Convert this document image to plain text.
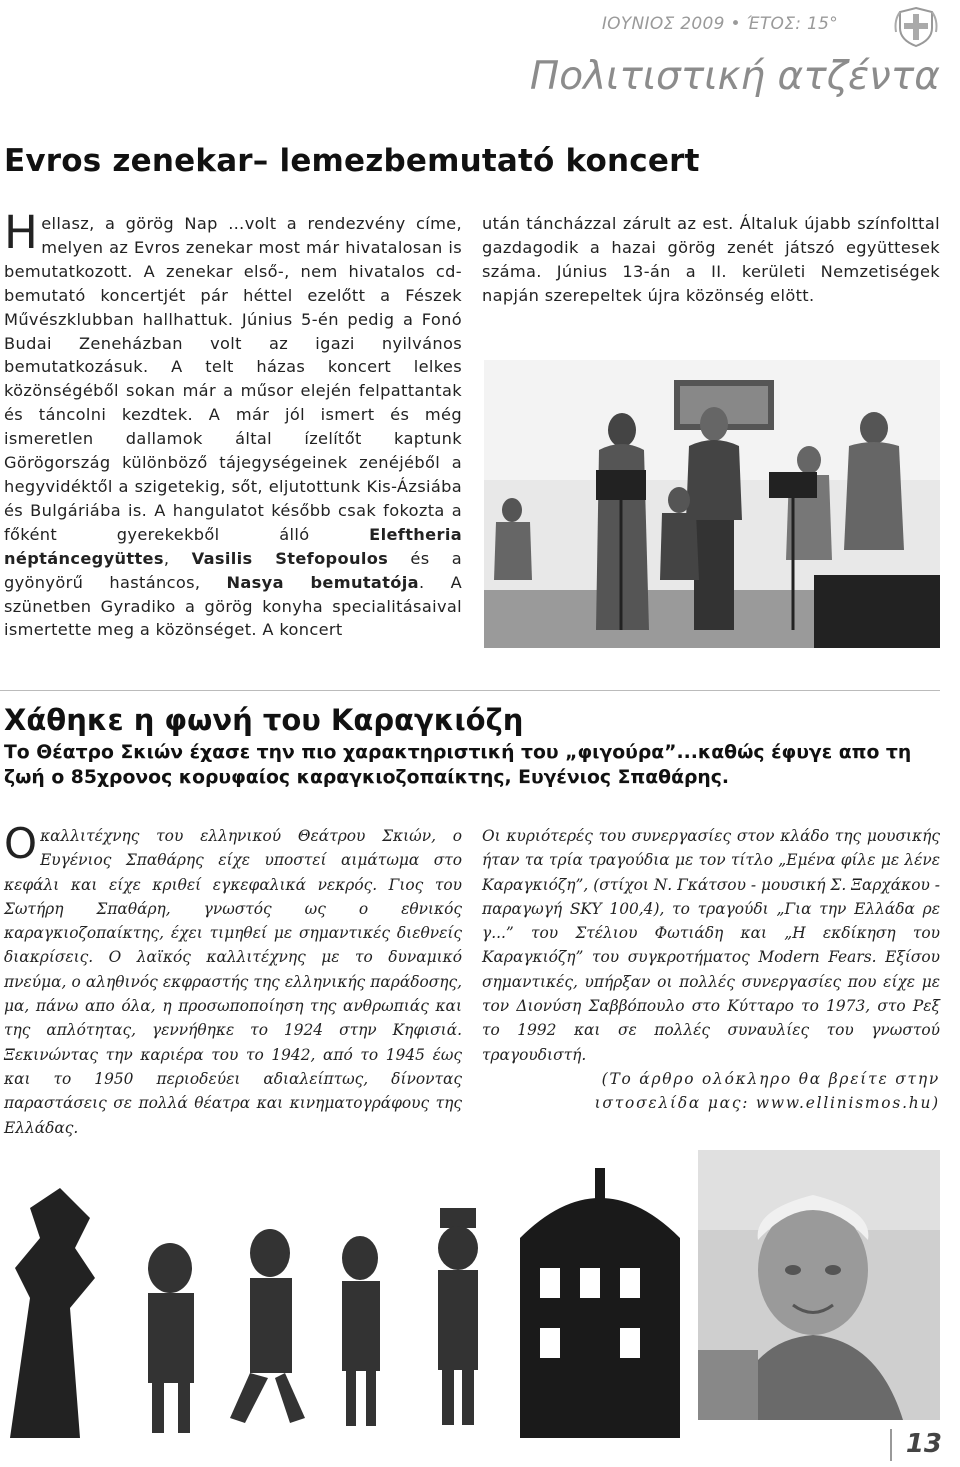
ΙΟΥΝΙΟΣ 2009 • ΈΤΟΣ: 15°
Πολιτιστική ατζέντα
Evros zenekar– lemezbemutató koncert

Hellasz, a görög Nap …volt a rendezvény címe, melyen az Evros zenekar most már hivatalosan is bemutatkozott. A zenekar első-, nem hivatalos cd-bemutató koncertjét pár héttel ezelőtt a Fészek Művészklubban hallhattuk. Június 5-én pedig a Fonó Budai Zeneházban volt az igazi nyilvános bemutatkozásuk. A telt házas koncert lelkes közönségéből sokan már a műsor elején felpattantak és táncolni kezdtek. A már jól ismert és még ismeretlen dallamok által ízelítőt kaptunk Görögország különböző tájegységeinek zenéjéből a hegyvidéktől a szigetekig, sőt, eljutottunk Kis-Ázsiába és Bulgáriába is. A hangulatot később csak fokozta a főként gyerekekből álló Eleftheria néptáncegyüttes, Vasilis Stefopoulos és a gyönyörű hastáncos, Nasya bemutatója. A szünetben Gyradiko a görög konyha specialitásaival ismertette meg a közönséget. A koncert

után táncházzal zárult az est. Általuk újabb színfolttal gazdagodik a hazai görög zenét játszó együttesek száma. Június 13-án a II. kerületi Nemzetiségek napján szerepeltek újra közönség elött.

Χάθηκε η φωνή του Καραγκιόζη
Το Θέατρο Σκιών έχασε την πιο χαρακτηριστική του „φιγούρα”...καθώς έφυγε απο τη ζωή ο 85χρονος κορυφαίος καραγκιοζοπαίκτης, Ευγένιος Σπαθάρης.

Οκαλλιτέχνης του ελληνικού Θεάτρου Σκιών, ο Ευγένιος Σπαθάρης είχε υποστεί αιμάτωμα στο κεφάλι και είχε κριθεί εγκεφαλικά νεκρός. Γιος του Σωτήρη Σπαθάρη, γνωστός ως ο εθνικός καραγκιοζοπαίκτης, έχει τιμηθεί με σημαντικές διεθνείς διακρίσεις. Ο λαϊκός καλλιτέχνης με το δυναμικό πνεύμα, ο αληθινός εκφραστής της ελληνικής παράδοσης, μα, πάνω απο όλα, η προσωποποίηση της ανθρωπιάς και της απλότητας, γεννήθηκε το 1924 στην Κηφισιά. Ξεκινώντας την καριέρα του το 1942, από το 1945 έως και το 1950 περιοδεύει αδιαλείπτως, δίνοντας παραστάσεις σε πολλά θέατρα και κινηματογράφους της Ελλάδας.

Οι κυριότερές του συνεργασίες στον κλάδο της μουσικής ήταν τα τρία τραγούδια με τον τίτλο „Εμένα φίλε με λένε Καραγκιόζη”, (στίχοι Ν. Γκάτσου - μουσική Σ. Ξαρχάκου - παραγωγή SKY 100,4), το τραγούδι „Για την Ελλάδα ρε γ...” του Στέλιου Φωτιάδη και „Η εκδίκηση του Καραγκιόζη” του συγκροτήματος Modern Fears. Εξίσου σημαντικές, υπήρξαν οι πολλές συνεργασίες που είχε με τον Διονύση Σαββόπουλο στο Κύτταρο το 1973, στο Ρεξ το 1992 και σε πολλές συναυλίες του γνωστού τραγουδιστή.

(Το άρθρο ολόκληρο θα βρείτε στην ιστοσελίδα μας: www.ellinismos.hu)

13
